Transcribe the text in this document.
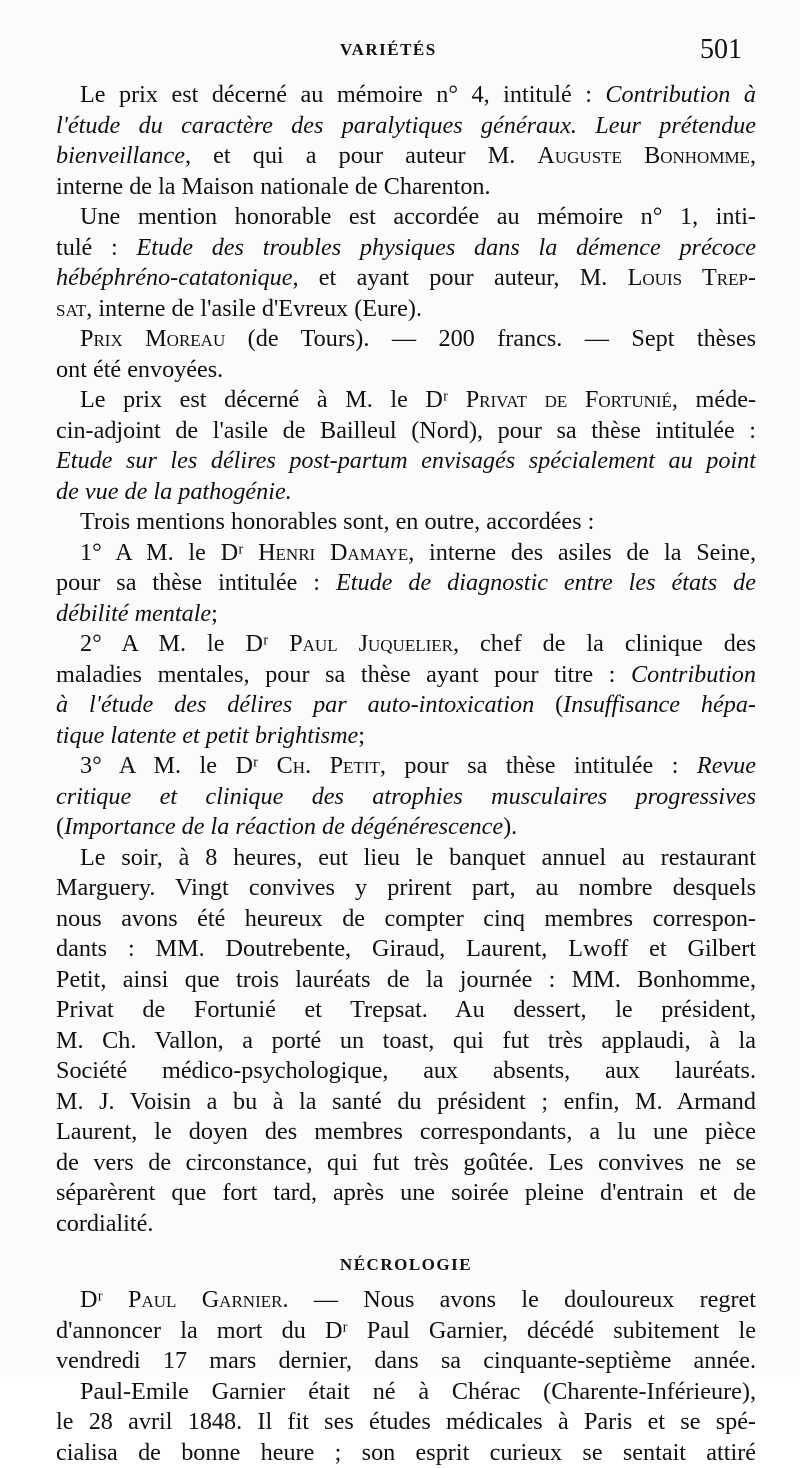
VARIÉTÉS	501
Le prix est décerné au mémoire n° 4, intitulé : Contribution à
l'étude du caractère des paralytiques généraux. Leur prétendue
bienveillance, et qui a pour auteur M. Auguste Bonhomme,
interne de la Maison nationale de Charenton.
Une mention honorable est accordée au mémoire n° 1, inti-
tulé : Etude des troubles physiques dans la démence précoce
hébéphréno-catatonique, et ayant pour auteur, M. Louis Trep-
sat, interne de l'asile d'Evreux (Eure).
Prix Moreau (de Tours). — 200 francs. — Sept thèses
ont été envoyées.
Le prix est décerné à M. le Dʳ Privat de Fortunié, méde-
cin-adjoint de l'asile de Bailleul (Nord), pour sa thèse intitulée :
Etude sur les délires post-partum envisagés spécialement au point
de vue de la pathogénie.
Trois mentions honorables sont, en outre, accordées :
1° A M. le Dʳ Henri Damaye, interne des asiles de la Seine,
pour sa thèse intitulée : Etude de diagnostic entre les états de
débilité mentale;
2° A M. le Dʳ Paul Juquelier, chef de la clinique des
maladies mentales, pour sa thèse ayant pour titre : Contribution
à l'étude des délires par auto-intoxication (Insuffisance hépa-
tique latente et petit brightisme;
3° A M. le Dʳ Ch. Petit, pour sa thèse intitulée : Revue
critique et clinique des atrophies musculaires progressives
(Importance de la réaction de dégénérescence).
Le soir, à 8 heures, eut lieu le banquet annuel au restaurant
Marguery. Vingt convives y prirent part, au nombre desquels
nous avons été heureux de compter cinq membres correspon-
dants : MM. Doutrebente, Giraud, Laurent, Lwoff et Gilbert
Petit, ainsi que trois lauréats de la journée : MM. Bonhomme,
Privat de Fortunié et Trepsat. Au dessert, le président,
M. Ch. Vallon, a porté un toast, qui fut très applaudi, à la
Société médico-psychologique, aux absents, aux lauréats.
M. J. Voisin a bu à la santé du président ; enfin, M. Armand
Laurent, le doyen des membres correspondants, a lu une pièce
de vers de circonstance, qui fut très goûtée. Les convives ne se
séparèrent que fort tard, après une soirée pleine d'entrain et de
cordialité.
NÉCROLOGIE
Dʳ Paul Garnier. — Nous avons le douloureux regret
d'annoncer la mort du Dʳ Paul Garnier, décédé subitement le
vendredi 17 mars dernier, dans sa cinquante-septième année.
Paul-Emile Garnier était né à Chérac (Charente-Inférieure),
le 28 avril 1848. Il fit ses études médicales à Paris et se spé-
cialisa de bonne heure ; son esprit curieux se sentait attiré
